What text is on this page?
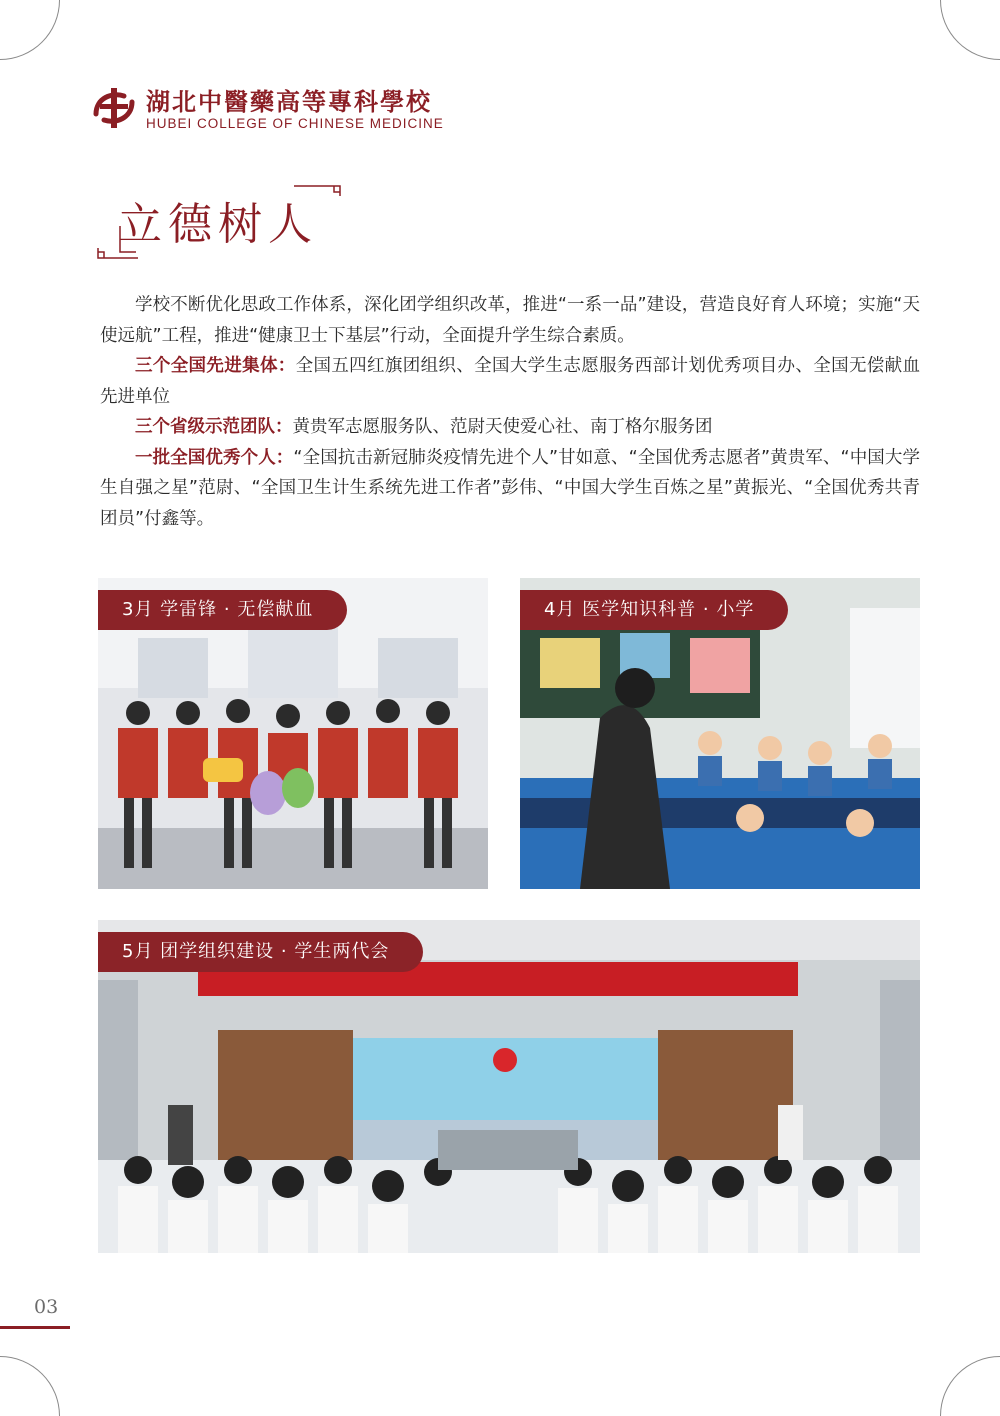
湖北中醫藥高等專科學校
HUBEI COLLEGE OF CHINESE MEDICINE
立德树人

学校不断优化思政工作体系，深化团学组织改革，推进“一系一品”建设，营造良好育人环境；实施“天使远航”工程，推进“健康卫士下基层”行动，全面提升学生综合素质。

三个全国先进集体：全国五四红旗团组织、全国大学生志愿服务西部计划优秀项目办、全国无偿献血先进单位

三个省级示范团队：黄贵军志愿服务队、范尉天使爱心社、南丁格尔服务团

一批全国优秀个人：“全国抗击新冠肺炎疫情先进个人”甘如意、“全国优秀志愿者”黄贵军、“中国大学生自强之星”范尉、“全国卫生计生系统先进工作者”彭伟、“中国大学生百炼之星”黄振光、“全国优秀共青团员”付鑫等。

3月 学雷锋 · 无偿献血	4月 医学知识科普 · 小学
5月 团学组织建设 · 学生两代会
03
